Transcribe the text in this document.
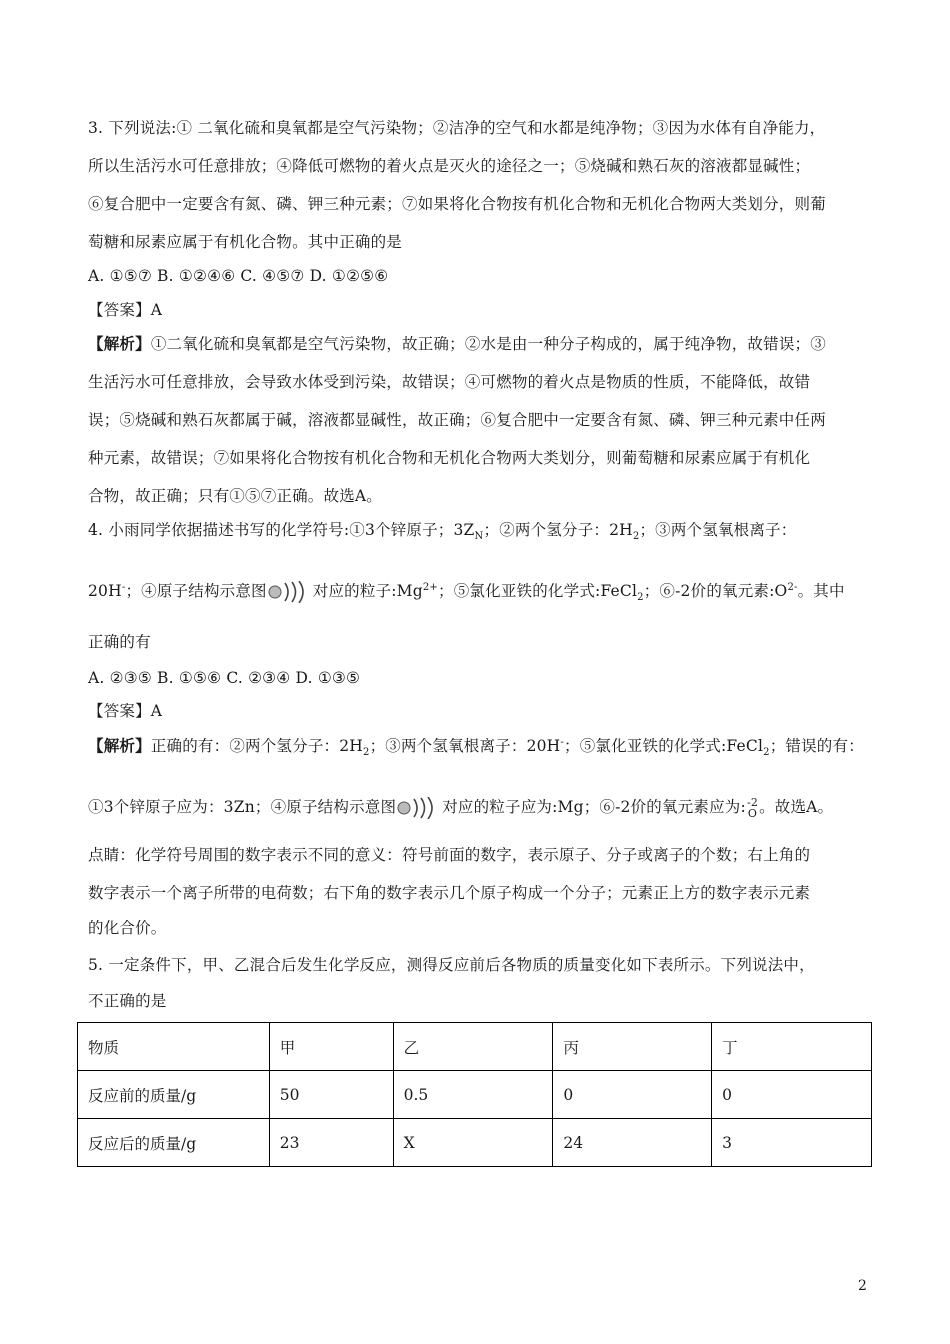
3. 下列说法:① 二氧化硫和臭氧都是空气污染物；②洁净的空气和水都是纯净物；③因为水体有自净能力，
所以生活污水可任意排放；④降低可燃物的着火点是灭火的途径之一；⑤烧碱和熟石灰的溶液都显碱性；
⑥复合肥中一定要含有氮、磷、钾三种元素；⑦如果将化合物按有机化合物和无机化合物两大类划分，则葡
萄糖和尿素应属于有机化合物。其中正确的是
A. ①⑤⑦ B. ①②④⑥ C. ④⑤⑦ D. ①②⑤⑥
【答案】A
【解析】①二氧化硫和臭氧都是空气污染物，故正确；②水是由一种分子构成的，属于纯净物，故错误；③
生活污水可任意排放，会导致水体受到污染，故错误；④可燃物的着火点是物质的性质，不能降低，故错
误；⑤烧碱和熟石灰都属于碱，溶液都显碱性，故正确；⑥复合肥中一定要含有氮、磷、钾三种元素中任两
种元素，故错误；⑦如果将化合物按有机化合物和无机化合物两大类划分，则葡萄糖和尿素应属于有机化
合物，故正确；只有①⑤⑦正确。故选A。
4. 小雨同学依据描述书写的化学符号:①3个锌原子；$3Z_N$；②两个氢分子：$2H_2$；③两个氢氧根离子：
20H-；④原子结构示意图	对应的粒子$:Mg^{2+}$；⑤氯化亚铁的化学式:FeCl$_2$；⑥-2价的氧元素$:O^{2-}$。其中
正确的有
A. ②③⑤ B. ①⑤⑥ C. ②③④ D. ①③⑤
【答案】A
【解析】正确的有：②两个氢分子：$2H_2$；③两个氢氧根离子：20H-；⑤氯化亚铁的化学式:FeCl$_2$；错误的有：
①3个锌原子应为：3Zn；④原子结构示意图	对应的粒子应为:Mg；⑥-2价的氧元素应为: -2
O 。故选A。
点睛：化学符号周围的数字表示不同的意义：符号前面的数字，表示原子、分子或离子的个数；右上角的
数字表示一个离子所带的电荷数；右下角的数字表示几个原子构成一个分子；元素正上方的数字表示元素
的化合价。
5. 一定条件下，甲、乙混合后发生化学反应，测得反应前后各物质的质量变化如下表所示。下列说法中，
不正确的是
物质	甲	乙	丙	丁
反应前的质量/g	50	0.5	0	0
反应后的质量/g	23	X	24	3
2
